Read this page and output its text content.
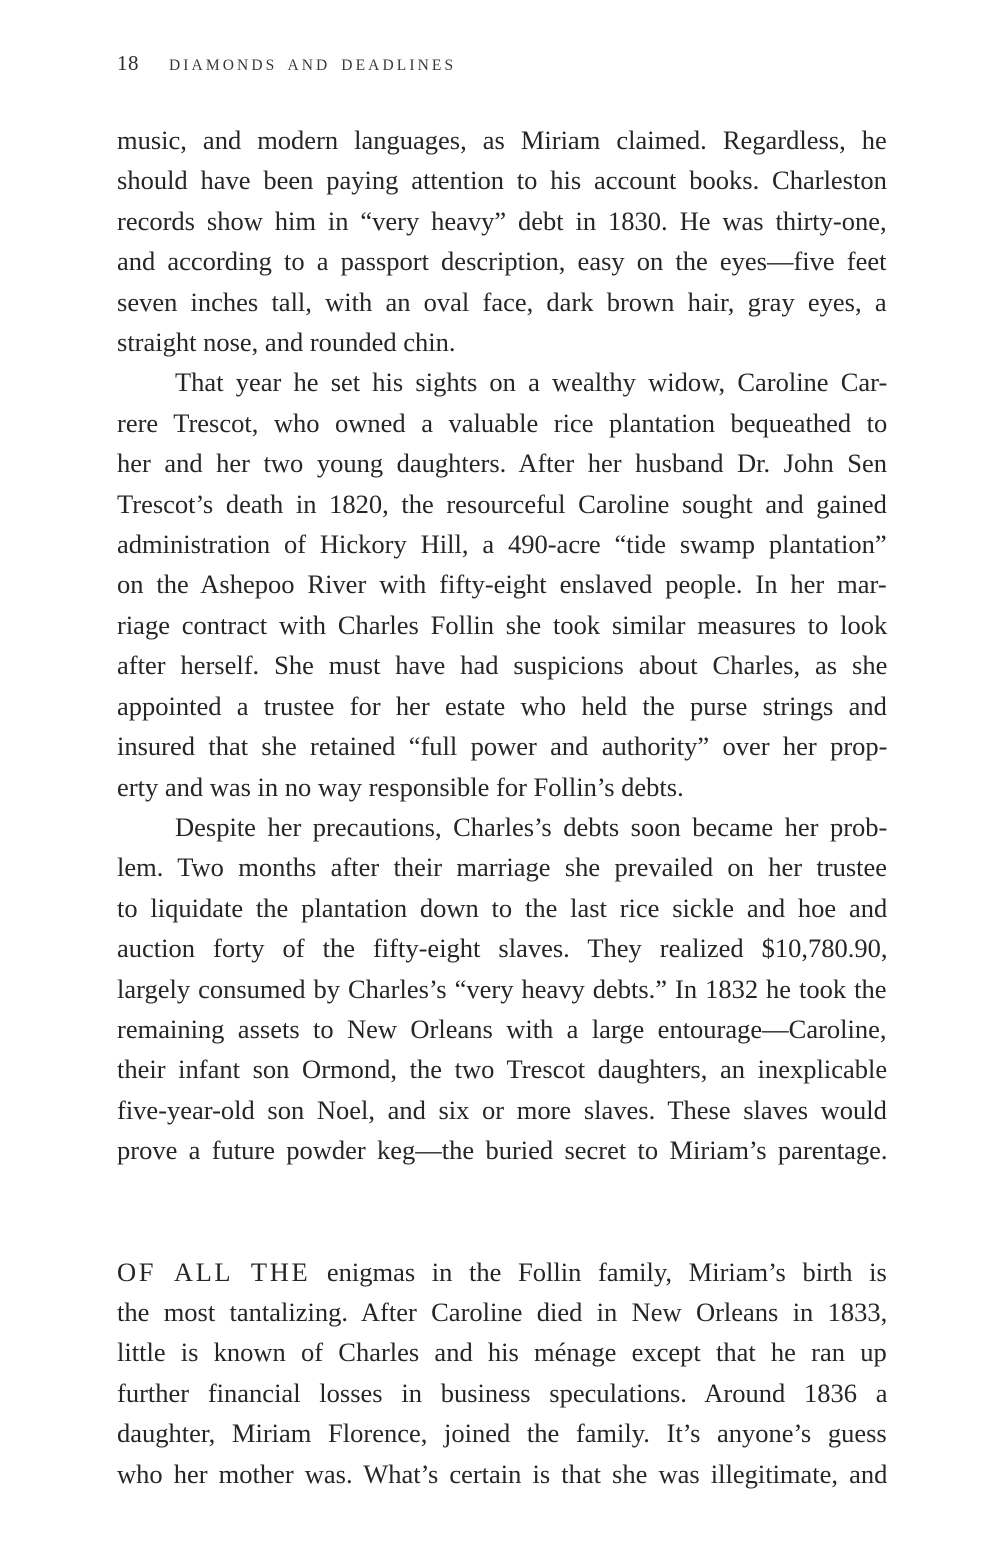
18 DIAMONDS AND DEADLINES
music, and modern languages, as Miriam claimed. Regardless, he
should have been paying attention to his account books. Charleston
records show him in “very heavy” debt in 1830. He was thirty-one,
and according to a passport description, easy on the eyes—five feet
seven inches tall, with an oval face, dark brown hair, gray eyes, a
straight nose, and rounded chin.
That year he set his sights on a wealthy widow, Caroline Car-
rere Trescot, who owned a valuable rice plantation bequeathed to
her and her two young daughters. After her husband Dr. John Sen
Trescot’s death in 1820, the resourceful Caroline sought and gained
administration of Hickory Hill, a 490-acre “tide swamp plantation”
on the Ashepoo River with fifty-eight enslaved people. In her mar-
riage contract with Charles Follin she took similar measures to look
after herself. She must have had suspicions about Charles, as she
appointed a trustee for her estate who held the purse strings and
insured that she retained “full power and authority” over her prop-
erty and was in no way responsible for Follin’s debts.
Despite her precautions, Charles’s debts soon became her prob-
lem. Two months after their marriage she prevailed on her trustee
to liquidate the plantation down to the last rice sickle and hoe and
auction forty of the fifty-eight slaves. They realized $10,780.90,
largely consumed by Charles’s “very heavy debts.” In 1832 he took the
remaining assets to New Orleans with a large entourage—Caroline,
their infant son Ormond, the two Trescot daughters, an inexplicable
five-year-old son Noel, and six or more slaves. These slaves would
prove a future powder keg—the buried secret to Miriam’s parentage.
OF ALL THE enigmas in the Follin family, Miriam’s birth is
the most tantalizing. After Caroline died in New Orleans in 1833,
little is known of Charles and his ménage except that he ran up
further financial losses in business speculations. Around 1836 a
daughter, Miriam Florence, joined the family. It’s anyone’s guess
who her mother was. What’s certain is that she was illegitimate, and
